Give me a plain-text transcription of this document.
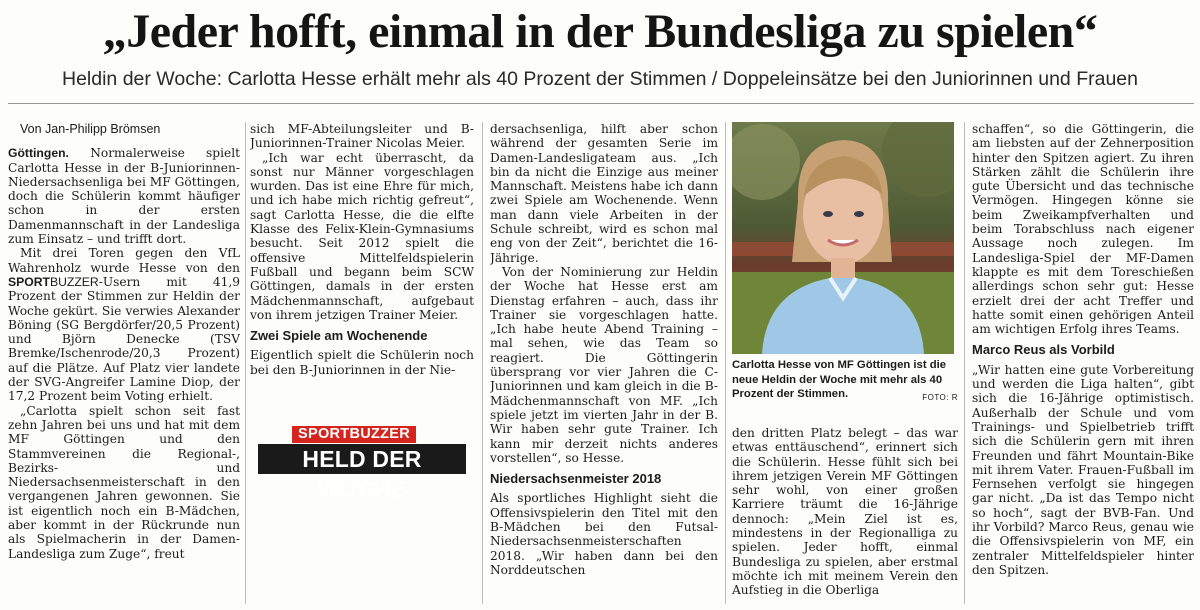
„Jeder hofft, einmal in der Bundesliga zu spielen“
Heldin der Woche: Carlotta Hesse erhält mehr als 40 Prozent der Stimmen / Doppeleinsätze bei den Juniorinnen und Frauen

Von Jan-Philipp Brömsen

Göttingen. Normalerweise spielt Carlotta Hesse in der B-Juniorinnen-Niedersachsenliga bei MF Göttingen, doch die Schülerin kommt häufiger schon in der ersten Damenmannschaft in der Landesliga zum Einsatz – und trifft dort.

Mit drei Toren gegen den VfL Wahrenholz wurde Hesse von den SPORTBUZZER-Usern mit 41,9 Prozent der Stimmen zur Heldin der Woche gekürt. Sie verwies Alexander Böning (SG Bergdörfer/20,5 Prozent) und Björn Denecke (TSV Bremke/Ischenrode/20,3 Prozent) auf die Plätze. Auf Platz vier landete der SVG-Angreifer Lamine Diop, der 17,2 Prozent beim Voting erhielt.

„Carlotta spielt schon seit fast zehn Jahren bei uns und hat mit dem MF Göttingen und den Stammvereinen die Regional-, Bezirks- und Niedersachsenmeisterschaft in den vergangenen Jahren gewonnen. Sie ist eigentlich noch ein B-Mädchen, aber kommt in der Rückrunde nun als Spielmacherin in der Damen-Landesliga zum Zuge“, freut

sich MF-Abteilungsleiter und B-Juniorinnen-Trainer Nicolas Meier.

„Ich war echt überrascht, da sonst nur Männer vorgeschlagen wurden. Das ist eine Ehre für mich, und ich habe mich richtig gefreut“, sagt Carlotta Hesse, die die elfte Klasse des Felix-Klein-Gymnasiums besucht. Seit 2012 spielt die offensive Mittelfeldspielerin Fußball und begann beim SCW Göttingen, damals in der ersten Mädchenmannschaft, aufgebaut von ihrem jetzigen Trainer Meier.

Zwei Spiele am Wochenende

Eigentlich spielt die Schülerin noch bei den B-Juniorinnen in der Nie-

SPORTBUZZER
HELD DER WOCHE

dersachsenliga, hilft aber schon während der gesamten Serie im Damen-Landesligateam aus. „Ich bin da nicht die Einzige aus meiner Mannschaft. Meistens habe ich dann zwei Spiele am Wochenende. Wenn man dann viele Arbeiten in der Schule schreibt, wird es schon mal eng von der Zeit“, berichtet die 16-Jährige.

Von der Nominierung zur Heldin der Woche hat Hesse erst am Dienstag erfahren – auch, dass ihr Trainer sie vorgeschlagen hatte. „Ich habe heute Abend Training – mal sehen, wie das Team so reagiert. Die Göttingerin übersprang vor vier Jahren die C-Juniorinnen und kam gleich in die B-Mädchenmannschaft von MF. „Ich spiele jetzt im vierten Jahr in der B. Wir haben sehr gute Trainer. Ich kann mir derzeit nichts anderes vorstellen“, so Hesse.

Niedersachsenmeister 2018

Als sportliches Highlight sieht die Offensivspielerin den Titel mit den B-Mädchen bei den Futsal-Niedersachsenmeisterschaften 2018. „Wir haben dann bei den Norddeutschen

Carlotta Hesse von MF Göttingen ist die neue Heldin der Woche mit mehr als 40 Prozent der Stimmen.	FOTO: R

den dritten Platz belegt – das war etwas enttäuschend“, erinnert sich die Schülerin. Hesse fühlt sich bei ihrem jetzigen Verein MF Göttingen sehr wohl, von einer großen Karriere träumt die 16-Jährige dennoch: „Mein Ziel ist es, mindestens in der Regionalliga zu spielen. Jeder hofft, einmal Bundesliga zu spielen, aber erstmal möchte ich mit meinem Verein den Aufstieg in die Oberliga

schaffen“, so die Göttingerin, die am liebsten auf der Zehnerposition hinter den Spitzen agiert. Zu ihren Stärken zählt die Schülerin ihre gute Übersicht und das technische Vermögen. Hingegen könne sie beim Zweikampfverhalten und beim Torabschluss nach eigener Aussage noch zulegen. Im Landesliga-Spiel der MF-Damen klappte es mit dem Toreschießen allerdings schon sehr gut: Hesse erzielt drei der acht Treffer und hatte somit einen gehörigen Anteil am wichtigen Erfolg ihres Teams.

Marco Reus als Vorbild

„Wir hatten eine gute Vorbereitung und werden die Liga halten“, gibt sich die 16-Jährige optimistisch. Außerhalb der Schule und vom Trainings- und Spielbetrieb trifft sich die Schülerin gern mit ihren Freunden und fährt Mountain-Bike mit ihrem Vater. Frauen-Fußball im Fernsehen verfolgt sie hingegen gar nicht. „Da ist das Tempo nicht so hoch“, sagt der BVB-Fan. Und ihr Vorbild? Marco Reus, genau wie die Offensivspielerin von MF, ein zentraler Mittelfeldspieler hinter den Spitzen.
